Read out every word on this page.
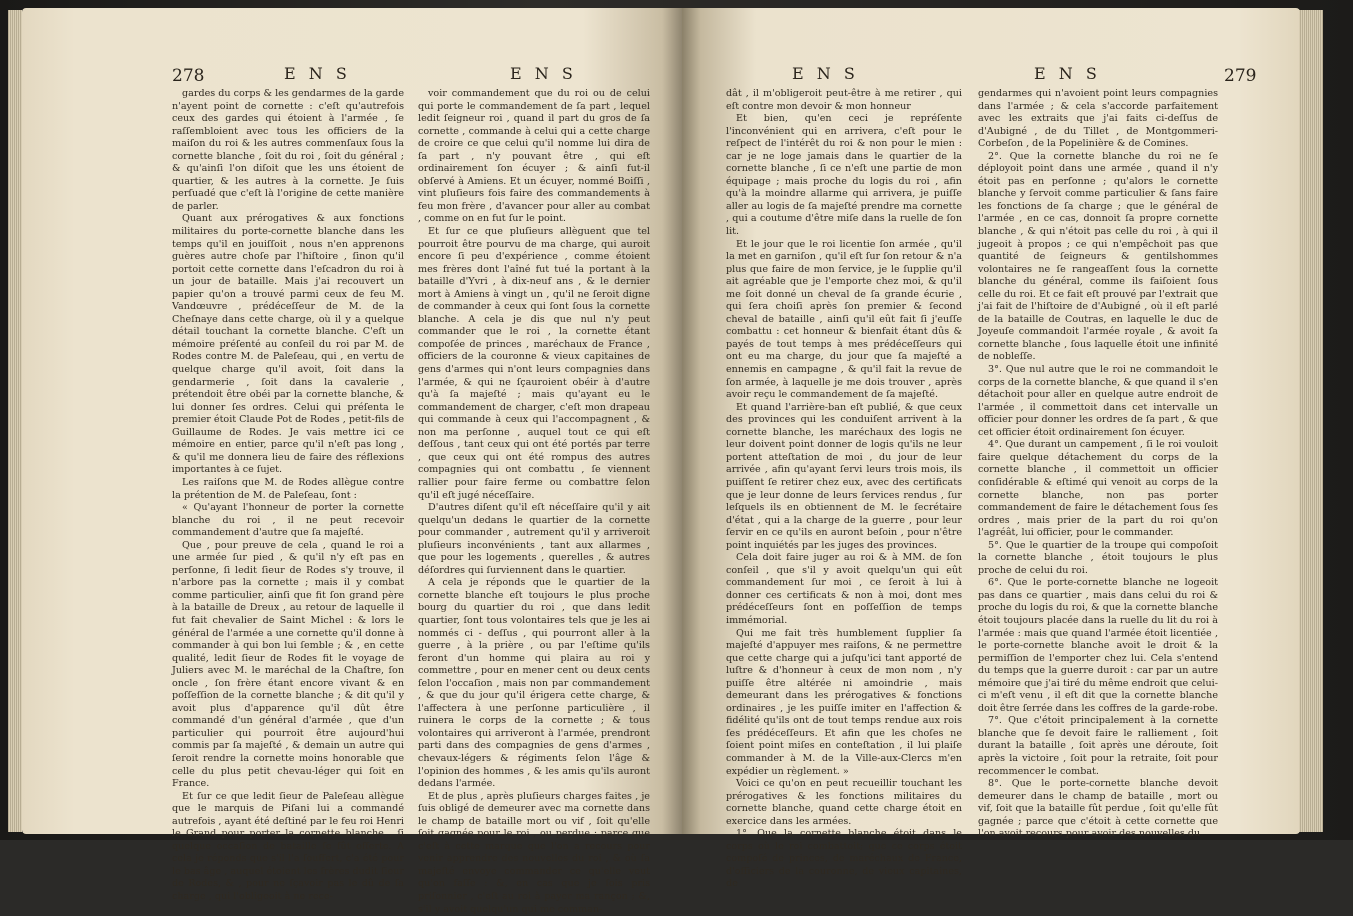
278	E N S	E N S

gardes du corps & les gendarmes de la garde n'ayent point de cornette : c'eſt qu'autrefois ceux des gardes qui étoient à l'armée , ſe raſſembloient avec tous les officiers de la maiſon du roi & les autres commenſaux ſous la cornette blanche , ſoit du roi , ſoit du général ; & qu'ainſi l'on diſoit que les uns étoient de quartier, & les autres à la cornette. Je ſuis perſuadé que c'eſt là l'origine de cette manière de parler.

Quant aux prérogatives & aux fonctions militaires du porte-cornette blanche dans les temps qu'il en jouiſſoit , nous n'en apprenons guères autre choſe par l'hiſtoire , ſinon qu'il portoit cette cornette dans l'eſcadron du roi à un jour de bataille. Mais j'ai recouvert un papier qu'on a trouvé parmi ceux de feu M. Vandœuvre , prédéceſſeur de M. de la Cheſnaye dans cette charge, où il y a quelque détail touchant la cornette blanche. C'eſt un mémoire préſenté au conſeil du roi par M. de Rodes contre M. de Paleſeau, qui , en vertu de quelque charge qu'il avoit, ſoit dans la gendarmerie , ſoit dans la cavalerie , prétendoit être obéi par la cornette blanche, & lui donner ſes ordres. Celui qui préſenta le premier étoit Claude Pot de Rodes , petit-fils de Guillaume de Rodes. Je vais mettre ici ce mémoire en entier, parce qu'il n'eſt pas long , & qu'il me donnera lieu de faire des réflexions importantes à ce ſujet.

Les raiſons que M. de Rodes allègue contre la prétention de M. de Paleſeau, ſont :

« Qu'ayant l'honneur de porter la cornette blanche du roi , il ne peut recevoir commandement d'autre que ſa majeſté.

Que , pour preuve de cela , quand le roi a une armée ſur pied , & qu'il n'y eſt pas en perſonne, ſi ledit ſieur de Rodes s'y trouve, il n'arbore pas la cornette ; mais il y combat comme particulier, ainſi que fit ſon grand père à la bataille de Dreux , au retour de laquelle il fut fait chevalier de Saint Michel : & lors le général de l'armée a une cornette qu'il donne à commander à qui bon lui ſemble ; & , en cette qualité, ledit ſieur de Rodes fit le voyage de Juliers avec M. le maréchal de la Chaſtre, ſon oncle , ſon frère étant encore vivant & en poſſeſſion de la cornette blanche ; & dit qu'il y avoit plus d'apparence qu'il dût être commandé d'un général d'armée , que d'un particulier qui pourroit être aujourd'hui commis par ſa majeſté , & demain un autre qui ſeroit rendre la cornette moins honorable que celle du plus petit chevau-léger qui ſoit en France.

Et ſur ce que ledit ſieur de Paleſeau allègue que le marquis de Piſani lui a commandé autrefois , ayant été deſtiné par le feu roi Henri le Grand pour porter la cornette blanche , ſi quelque occaſion de bataille ſe fût offerte. A cela je réponds que s'il l'a ſouffert, c'a été pour le bas âge , auquel étoient les frères dudit ſieur de Rodes, & , pour ne ſçavoir pas le dû de ſa charge , qui l'obligeoit à ne rece-

voir commandement que du roi ou de celui qui porte le commandement de ſa part , lequel ledit ſeigneur roi , quand il part du gros de ſa cornette , commande à celui qui a cette charge de croire ce que celui qu'il nomme lui dira de ſa part , n'y pouvant être , qui eſt ordinairement ſon écuyer ; & ainſi fut-il obſervé à Amiens. Et un écuyer, nommé Boiſſi , vint pluſieurs fois faire des commandements à feu mon frère , d'avancer pour aller au combat , comme on en fut ſur le point.

Et ſur ce que pluſieurs allèguent que tel pourroit être pourvu de ma charge, qui auroit encore ſi peu d'expérience , comme étoient mes frères dont l'aîné fut tué la portant à la bataille d'Yvri , à dix-neuf ans , & le dernier mort à Amiens à vingt un , qu'il ne ſeroit digne de commander à ceux qui ſont ſous la cornette blanche. A cela je dis que nul n'y peut commander que le roi , la cornette étant compoſée de princes , maréchaux de France , officiers de la couronne & vieux capitaines de gens d'armes qui n'ont leurs compagnies dans l'armée, & qui ne ſçauroient obéir à d'autre qu'à ſa majeſté ; mais qu'ayant eu le commandement de charger, c'eſt mon drapeau qui commande à ceux qui l'accompagnent , & non ma perſonne , auquel tout ce qui eſt deſſous , tant ceux qui ont été portés par terre , que ceux qui ont été rompus des autres compagnies qui ont combattu , ſe viennent rallier pour faire ferme ou combattre ſelon qu'il eſt jugé néceſſaire.

D'autres diſent qu'il eſt néceſſaire qu'il y ait quelqu'un dedans le quartier de la cornette pour commander , autrement qu'il y arriveroit pluſieurs inconvénients , tant aux allarmes , que pour les logements , querelles , & autres déſordres qui ſurviennent dans le quartier.

A cela je réponds que le quartier de la cornette blanche eſt toujours le plus proche bourg du quartier du roi , que dans ledit quartier, ſont tous volontaires tels que je les ai nommés ci - deſſus , qui pourront aller à la guerre , à la prière , ou par l'eſtime qu'ils feront d'un homme qui plaira au roi y commettre , pour en mener cent ou deux cents ſelon l'occaſion , mais non par commandement , & que du jour qu'il érigera cette charge, & l'affectera à une perſonne particulière , il ruinera le corps de la cornette ; & tous volontaires qui arriveront à l'armée, prendront parti dans des compagnies de gens d'armes , chevaux-légers & régiments ſelon l'âge & l'opinion des hommes , & les amis qu'ils auront dedans l'armée.

Et de plus , après pluſieurs charges faites , je ſuis obligé de demeurer avec ma cornette dans le champ de bataille mort ou vif , ſoit qu'elle ſoit gagnée pour le roi , ou perdue ; parce que c'eſt à cette marque que l'on a recours pour venir apprendre des nouvelles du roi , & où ſa majeſté envoye commander ce qu'elle veut qu'on faſſe : &, en cas que je ſois pris priſonnier , c'eſt au roi à payer ma rançon ; &, s'il y avoit quelqu'un qui me comman-

E N S	E N S	279

dât , il m'obligeroit peut-être à me retirer , qui eſt contre mon devoir & mon honneur

Et bien, qu'en ceci je repréſente l'inconvénient qui en arrivera, c'eſt pour le reſpect de l'intérêt du roi & non pour le mien : car je ne loge jamais dans le quartier de la cornette blanche , ſi ce n'eſt une partie de mon équipage ; mais proche du logis du roi , afin qu'à la moindre allarme qui arrivera, je puiſſe aller au logis de ſa majeſté prendre ma cornette , qui a coutume d'être miſe dans la ruelle de ſon lit.

Et le jour que le roi licentie ſon armée , qu'il la met en garniſon , qu'il eſt ſur ſon retour & n'a plus que faire de mon ſervice, je le ſupplie qu'il ait agréable que je l'emporte chez moi, & qu'il me ſoit donné un cheval de ſa grande écurie , qui ſera choiſi après ſon premier & ſecond cheval de bataille , ainſi qu'il eût fait ſi j'euſſe combattu : cet honneur & bienfait étant dûs & payés de tout temps à mes prédéceſſeurs qui ont eu ma charge, du jour que ſa majeſté a ennemis en campagne , & qu'il fait la revue de ſon armée, à laquelle je me dois trouver , après avoir reçu le commandement de ſa majeſté.

Et quand l'arrière-ban eſt publié, & que ceux des provinces qui les conduiſent arrivent à la cornette blanche, les maréchaux des logis ne leur doivent point donner de logis qu'ils ne leur portent atteſtation de moi , du jour de leur arrivée , afin qu'ayant ſervi leurs trois mois, ils puiſſent ſe retirer chez eux, avec des certificats que je leur donne de leurs ſervices rendus , ſur leſquels ils en obtiennent de M. le ſecrétaire d'état , qui a la charge de la guerre , pour leur ſervir en ce qu'ils en auront beſoin , pour n'être point inquiétés par les juges des provinces.

Cela doit faire juger au roi & à MM. de ſon conſeil , que s'il y avoit quelqu'un qui eût commandement ſur moi , ce ſeroit à lui à donner ces certificats & non à moi, dont mes prédéceſſeurs ſont en poſſeſſion de temps immémorial.

Qui me fait très humblement ſupplier ſa majeſté d'appuyer mes raiſons, & ne permettre que cette charge qui a juſqu'ici tant apporté de luſtre & d'honneur à ceux de mon nom , n'y puiſſe être altérée ni amoindrie , mais demeurant dans les prérogatives & fonctions ordinaires , je les puiſſe imiter en l'affection & fidélité qu'ils ont de tout temps rendue aux rois ſes prédéceſſeurs. Et afin que les choſes ne ſoient point miſes en conteſtation , il lui plaiſe commander à M. de la Ville-aux-Clercs m'en expédier un règlement. »

Voici ce qu'on en peut recueillir touchant les prérogatives & les fonctions militaires du cornette blanche, quand cette charge étoit en exercice dans les armées.

1°. Que la cornette blanche étoit dans le corps où le roi combattoit; que ce corps étoit compoſé de princes, de maréchaux de France, d'officiers de la couronne, de vieux capitaines, de

gendarmes qui n'avoient point leurs compagnies dans l'armée ; & cela s'accorde parfaitement avec les extraits que j'ai faits ci-deſſus de d'Aubigné , de du Tillet , de Montgommeri-Corbeſon , de la Popelinière & de Comines.

2°. Que la cornette blanche du roi ne ſe déployoit point dans une armée , quand il n'y étoit pas en perſonne ; qu'alors le cornette blanche y ſervoit comme particulier & ſans faire les fonctions de ſa charge ; que le général de l'armée , en ce cas, donnoit ſa propre cornette blanche , & qui n'étoit pas celle du roi , à qui il jugeoit à propos ; ce qui n'empêchoit pas que quantité de ſeigneurs & gentilshommes volontaires ne ſe rangeaſſent ſous la cornette blanche du général, comme ils faiſoient ſous celle du roi. Et ce fait eſt prouvé par l'extrait que j'ai fait de l'hiſtoire de d'Aubigné , où il eſt parlé de la bataille de Coutras, en laquelle le duc de Joyeuſe commandoit l'armée royale , & avoit ſa cornette blanche , ſous laquelle étoit une infinité de nobleſſe.

3°. Que nul autre que le roi ne commandoit le corps de la cornette blanche, & que quand il s'en détachoit pour aller en quelque autre endroit de l'armée , il commettoit dans cet intervalle un officier pour donner les ordres de ſa part , & que cet officier étoit ordinairement ſon écuyer.

4°. Que durant un campement , ſi le roi vouloit faire quelque détachement du corps de la cornette blanche , il commettoit un officier conſidérable & eſtimé qui venoit au corps de la cornette blanche, non pas porter commandement de faire le détachement ſous ſes ordres , mais prier de la part du roi qu'on l'agréât, lui officier, pour le commander.

5°. Que le quartier de la troupe qui compoſoit la cornette blanche , étoit toujours le plus proche de celui du roi.

6°. Que le porte-cornette blanche ne logeoit pas dans ce quartier , mais dans celui du roi & proche du logis du roi, & que la cornette blanche étoit toujours placée dans la ruelle du lit du roi à l'armée : mais que quand l'armée étoit licentiée , le porte-cornette blanche avoit le droit & la permiſſion de l'emporter chez lui. Cela s'entend du temps que la guerre duroit : car par un autre mémoire que j'ai tiré du même endroit que celui-ci m'eſt venu , il eſt dit que la cornette blanche doit être ſerrée dans les coffres de la garde-robe.

7°. Que c'étoit principalement à la cornette blanche que ſe devoit faire le ralliement , ſoit durant la bataille , ſoit après une déroute, ſoit après la victoire , ſoit pour la retraite, ſoit pour recommencer le combat.

8°. Que le porte-cornette blanche devoit demeurer dans le champ de bataille , mort ou vif, ſoit que la bataille fût perdue , ſoit qu'elle fût gagnée ; parce que c'étoit à cette cornette que l'on avoit recours pour avoir des nouvelles du
